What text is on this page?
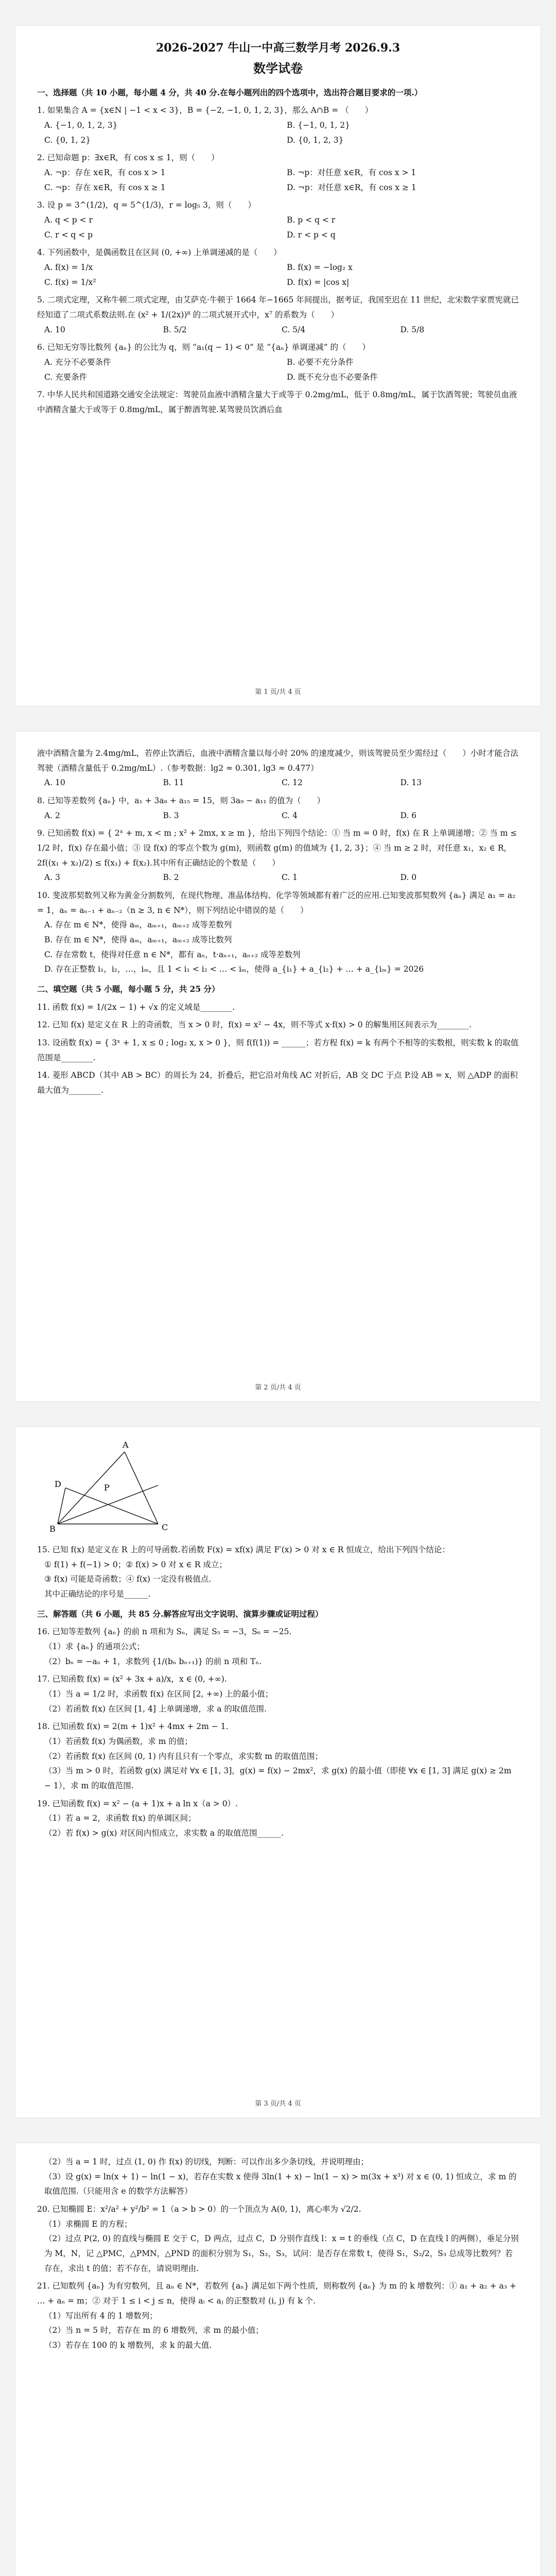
2026-2027 牛山一中高三数学月考 2026.9.3
数学试卷
一、选择题（共 10 小题，每小题 4 分，共 40 分.在每小题列出的四个选项中，选出符合题目要求的一项.）
1. 如果集合 A = {x∈N | −1 < x < 3}，B = {−2, −1, 0, 1, 2, 3}，那么 A∩B = （　　）
A. {−1, 0, 1, 2, 3}	B. {−1, 0, 1, 2}
C. {0, 1, 2}	D. {0, 1, 2, 3}
2. 已知命题 p：∃x∈R，有 cos x ≤ 1，则（　　）
A. ¬p：存在 x∈R，有 cos x > 1	B. ¬p：对任意 x∈R，有 cos x > 1
C. ¬p：存在 x∈R，有 cos x ≥ 1	D. ¬p：对任意 x∈R，有 cos x ≥ 1
3. 设 p = 3^(1/2)，q = 5^(1/3)，r = log₅ 3，则（　　）
A. q < p < r	B. p < q < r
C. r < q < p	D. r < p < q
4. 下列函数中，是偶函数且在区间 (0, +∞) 上单调递减的是（　　）
A. f(x) = 1/x	B. f(x) = −log₂ x
C. f(x) = 1/x²	D. f(x) = |cos x|
5. 二项式定理，又称牛顿二项式定理，由艾萨克·牛顿于 1664 年−1665 年间提出，据考证，我国至迟在 11 世纪，北宋数学家贾宪就已经知道了二项式系数法则.在 (x² + 1/(2x))⁸ 的二项式展开式中，x⁷ 的系数为（　　）
A. 10	B. 5/2	C. 5/4	D. 5/8
6. 已知无穷等比数列 {aₙ} 的公比为 q，则 “a₁(q − 1) < 0” 是 “{aₙ} 单调递减” 的（　　）
A. 充分不必要条件	B. 必要不充分条件
C. 充要条件	D. 既不充分也不必要条件
7. 中华人民共和国道路交通安全法规定：驾驶员血液中酒精含量大于或等于 0.2mg/mL，低于 0.8mg/mL，属于饮酒驾驶；驾驶员血液中酒精含量大于或等于 0.8mg/mL，属于醉酒驾驶.某驾驶员饮酒后血
第 1 页/共 4 页
液中酒精含量为 2.4mg/mL，若停止饮酒后，血液中酒精含量以每小时 20% 的速度减少，则该驾驶员至少需经过（　　）小时才能合法驾驶（酒精含量低于 0.2mg/mL）.（参考数据：lg2 ≈ 0.301, lg3 ≈ 0.477）
A. 10	B. 11	C. 12	D. 13
8. 已知等差数列 {aₙ} 中，a₁ + 3a₈ + a₁₅ = 15，则 3a₉ − a₁₁ 的值为（　　）
A. 2	B. 3	C. 4	D. 6
9. 已知函数 f(x) = { 2ˣ + m, x < m ; x² + 2mx, x ≥ m }，给出下列四个结论：① 当 m = 0 时，f(x) 在 R 上单调递增；② 当 m ≤ 1/2 时，f(x) 存在最小值；③ 设 f(x) 的零点个数为 g(m)，则函数 g(m) 的值域为 {1, 2, 3}；④ 当 m ≥ 2 时，对任意 x₁，x₂ ∈ R，2f((x₁ + x₂)/2) ≤ f(x₁) + f(x₂).其中所有正确结论的个数是（　　）
A. 3	B. 2	C. 1	D. 0
10. 斐波那契数列又称为黄金分割数列，在现代物理、准晶体结构、化学等领域都有着广泛的应用.已知斐波那契数列 {aₙ} 满足 a₁ = a₂ = 1，aₙ = aₙ₋₁ + aₙ₋₂（n ≥ 3, n ∈ N*），则下列结论中错误的是（　　）
A. 存在 m ∈ N*，使得 aₘ，aₘ₊₁，aₘ₊₂ 成等差数列
B. 存在 m ∈ N*，使得 aₘ，aₘ₊₁，aₘ₊₂ 成等比数列
C. 存在常数 t，使得对任意 n ∈ N*，都有 aₙ，t·aₙ₊₁，aₙ₊₂ 成等差数列
D. 存在正整数 i₁，i₂，…，iₘ，且 1 < i₁ < i₂ < … < iₘ，使得 a_{i₁} + a_{i₂} + … + a_{iₘ} = 2026
二、填空题（共 5 小题，每小题 5 分，共 25 分）
11. 函数 f(x) = 1/(2x − 1) + √x 的定义域是________.
12. 已知 f(x) 是定义在 R 上的奇函数，当 x > 0 时，f(x) = x² − 4x，则不等式 x·f(x) > 0 的解集用区间表示为________.
13. 设函数 f(x) = { 3ˣ + 1, x ≤ 0 ; log₂ x, x > 0 }，则 f(f(1)) = ______；若方程 f(x) = k 有两个不相等的实数根，则实数 k 的取值范围是________.
14. 菱形 ABCD（其中 AB > BC）的周长为 24，折叠后，把它沿对角线 AC 对折后，AB 交 DC 于点 P.设 AB = x，则 △ADP 的面积最大值为________.
第 2 页/共 4 页
B
A
D
C
P
15. 已知 f(x) 是定义在 R 上的可导函数.若函数 F(x) = xf(x) 满足 F′(x) > 0 对 x ∈ R 恒成立，给出下列四个结论：
① f(1) + f(−1) > 0；② f(x) > 0 对 x ∈ R 成立；
③ f(x) 可能是奇函数；④ f(x) 一定没有极值点.
其中正确结论的序号是______.
三、解答题（共 6 小题，共 85 分.解答应写出文字说明、演算步骤或证明过程）
16. 已知等差数列 {aₙ} 的前 n 项和为 Sₙ，满足 S₅ = −3，S₆ = −25.
（1）求 {aₙ} 的通项公式；
（2）bₙ = −aₙ + 1，求数列 {1/(bₙ bₙ₊₁)} 的前 n 项和 Tₙ.
17. 已知函数 f(x) = (x² + 3x + a)/x，x ∈ (0, +∞).
（1）当 a = 1/2 时，求函数 f(x) 在区间 [2, +∞) 上的最小值；
（2）若函数 f(x) 在区间 [1, 4] 上单调递增，求 a 的取值范围.
18. 已知函数 f(x) = 2(m + 1)x² + 4mx + 2m − 1.
（1）若函数 f(x) 为偶函数，求 m 的值；
（2）若函数 f(x) 在区间 (0, 1) 内有且只有一个零点，求实数 m 的取值范围；
（3）当 m > 0 时，若函数 g(x) 满足对 ∀x ∈ [1, 3]，g(x) = f(x) − 2mx²，求 g(x) 的最小值（即使 ∀x ∈ [1, 3] 满足 g(x) ≥ 2m − 1），求 m 的取值范围.
19. 已知函数 f(x) = x² − (a + 1)x + a ln x（a > 0）.
（1）若 a = 2，求函数 f(x) 的单调区间；
（2）若 f(x) > g(x) 对区间内恒成立，求实数 a 的取值范围______.
第 3 页/共 4 页
（2）当 a = 1 时，过点 (1, 0) 作 f(x) 的切线，判断：可以作出多少条切线，并说明理由；
（3）设 g(x) = ln(x + 1) − ln(1 − x)，若存在实数 x 使得 3ln(1 + x) − ln(1 − x) > m(3x + x³) 对 x ∈ (0, 1) 恒成立，求 m 的取值范围.（只能用含 e 的数学方法解答）
20. 已知椭圆 E：x²/a² + y²/b² = 1（a > b > 0）的一个顶点为 A(0, 1)，离心率为 √2/2.
（1）求椭圆 E 的方程；
（2）过点 P(2, 0) 的直线与椭圆 E 交于 C，D 两点，过点 C，D 分别作直线 l：x = t 的垂线（点 C，D 在直线 l 的两侧），垂足分别为 M，N，记 △PMC，△PMN，△PND 的面积分别为 S₁，S₂，S₃，试问：是否存在常数 t，使得 S₁，S₂/2，S₃ 总成等比数列？若存在，求出 t 的值；若不存在，请说明理由.
21. 已知数列 {aₙ} 为有穷数列，且 aₙ ∈ N*，若数列 {aₙ} 满足如下两个性质，则称数列 {aₙ} 为 m 的 k 增数列：① a₁ + a₂ + a₃ + … + aₙ = m；② 对于 1 ≤ i < j ≤ n，使得 aᵢ < aⱼ 的正整数对 (i, j) 有 k 个.
（1）写出所有 4 的 1 增数列；
（2）当 n = 5 时，若存在 m 的 6 增数列，求 m 的最小值；
（3）若存在 100 的 k 增数列，求 k 的最大值.
